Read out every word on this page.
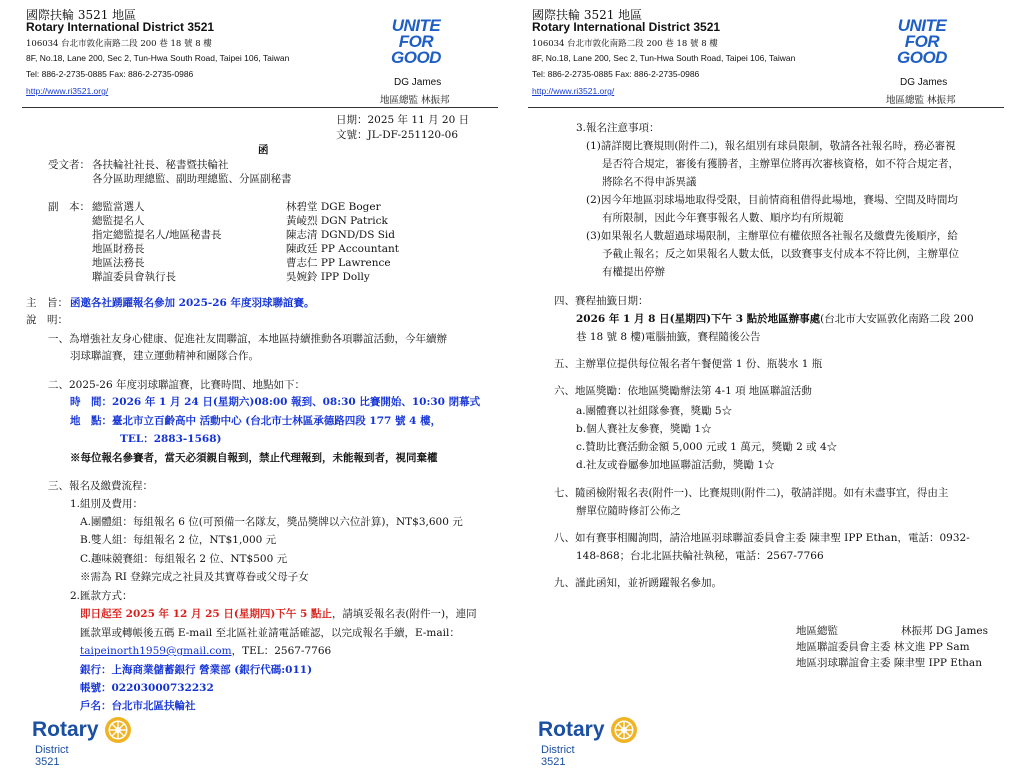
國際扶輪 3521 地區
Rotary International District 3521
106034 台北市敦化南路二段 200 巷 18 號 8 樓
8F, No.18, Lane 200, Sec 2, Tun-Hwa South Road, Taipei 106, Taiwan
Tel: 886-2-2735-0885 Fax: 886-2-2735-0986
http://www.ri3521.org/
UNITE
FOR
GOOD
DG James
地區總監 林振邦
日期：2025 年 11 月 20 日
文號：JL-DF-251120-06
函
受文者： 各扶輪社社長、秘書暨扶輪社
各分區助理總監、副助理總監、分區副秘書
副　本： 總監當選人	林碧堂 DGE Boger
總監提名人	黃崚烈 DGN Patrick
指定總監提名人/地區秘書長	陳志清 DGND/DS Sid
地區財務長	陳政廷 PP Accountant
地區法務長	曹志仁 PP Lawrence
聯誼委員會執行長	吳婉鈴 IPP Dolly
主　旨： 函邀各社踴躍報名參加 2025-26 年度羽球聯誼賽。
說　明：
一、為增強社友身心健康、促進社友間聯誼，本地區持續推動各項聯誼活動，今年續辦
羽球聯誼賽，建立運動精神和團隊合作。
二、2025-26 年度羽球聯誼賽，比賽時間、地點如下：
時　間：2026 年 1 月 24 日(星期六)08:00 報到、08:30 比賽開始、10:30 閉幕式
地　點：臺北市立百齡高中 活動中心 (台北市士林區承德路四段 177 號 4 樓，
TEL：2883-1568)
※每位報名參賽者，當天必須親自報到，禁止代理報到，未能報到者，視同棄權
三、報名及繳費流程：
1.組別及費用：
A.團體組：每組報名 6 位(可預備一名隊友，獎品獎牌以六位計算)，NT$3,600 元
B.雙人組：每組報名 2 位，NT$1,000 元
C.趣味競賽組：每組報名 2 位、NT$500 元
※需為 RI 登錄完成之社員及其寶尊眷或父母子女
2.匯款方式：
即日起至 2025 年 12 月 25 日(星期四)下午 5 點止，請填妥報名表(附件一)，連同
匯款單或轉帳後五碼 E-mail 至北區社並請電話確認，以完成報名手續，E-mail：
taipeinorth1959@gmail.com，TEL：2567-7766
銀行：上海商業儲蓄銀行 營業部 (銀行代碼:011)
帳號：02203000732232
戶名：台北市北區扶輪社
Rotary
District 3521
國際扶輪 3521 地區
Rotary International District 3521
106034 台北市敦化南路二段 200 巷 18 號 8 樓
8F, No.18, Lane 200, Sec 2, Tun-Hwa South Road, Taipei 106, Taiwan
Tel: 886-2-2735-0885 Fax: 886-2-2735-0986
http://www.ri3521.org/
UNITE
FOR
GOOD
DG James
地區總監 林振邦
3.報名注意事項：
(1)請詳閱比賽規則(附件二)，報名組別有球員限制，敬請各社報名時，務必審視
是否符合規定，審後有獲勝者，主辦單位將再次審核資格，如不符合規定者，
將除名不得申訴異議
(2)因今年地區羽球場地取得受限，目前情商租借得此場地，賽場、空間及時間均
有所限制，因此今年賽事報名人數、順序均有所規範
(3)如果報名人數超過球場限制，主辦單位有權依照各社報名及繳費先後順序，給
予截止報名；反之如果報名人數太低，以致賽事支付成本不符比例，主辦單位
有權提出停辦
四、賽程抽籤日期：
2026 年 1 月 8 日(星期四)下午 3 點於地區辦事處(台北市大安區敦化南路二段 200
巷 18 號 8 樓)電腦抽籤，賽程隨後公告
五、主辦單位提供每位報名者午餐便當 1 份、瓶裝水 1 瓶
六、地區獎勵：依地區獎勵辦法第 4-1 項 地區聯誼活動
a.團體賽以社組隊參賽，獎勵 5☆
b.個人賽社友參賽，獎勵 1☆
c.贊助比賽活動金額 5,000 元或 1 萬元，獎勵 2 或 4☆
d.社友或眷屬參加地區聯誼活動，獎勵 1☆
七、隨函檢附報名表(附件一)、比賽規則(附件二)，敬請詳閱。如有未盡事宜，得由主
辦單位隨時修訂公佈之
八、如有賽事相關詢問，請洽地區羽球聯誼委員會主委 陳聿聖 IPP Ethan，電話：0932-
148-868；台北北區扶輪社執秘，電話：2567-7766
九、謹此函知，並祈踴躍報名參加。
地區總監　　　　　　林振邦 DG James
地區聯誼委員會主委 林文進 PP Sam
地區羽球聯誼會主委 陳聿聖 IPP Ethan
Rotary
District 3521
